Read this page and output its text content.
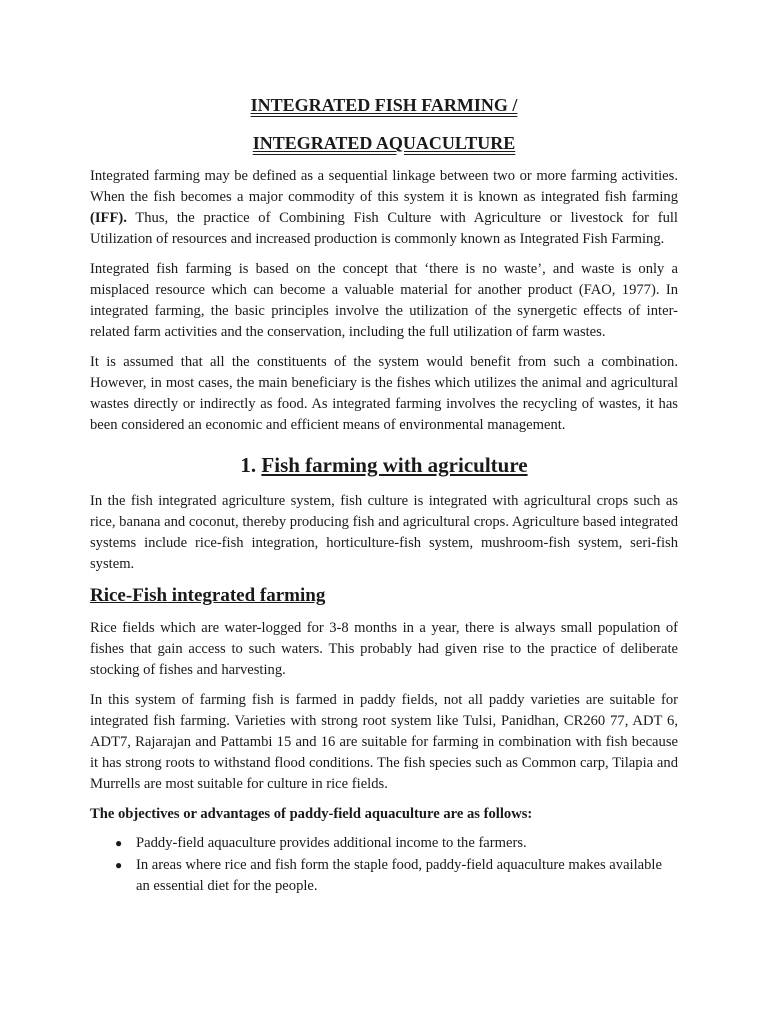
INTEGRATED FISH FARMING /
INTEGRATED AQUACULTURE

Integrated farming may be defined as a sequential linkage between two or more farming activities. When the fish becomes a major commodity of this system it is known as integrated fish farming (IFF). Thus, the practice of Combining Fish Culture with Agriculture or livestock for full Utilization of resources and increased production is commonly known as Integrated Fish Farming.

Integrated fish farming is based on the concept that ‘there is no waste’, and waste is only a misplaced resource which can become a valuable material for another product (FAO, 1977). In integrated farming, the basic principles involve the utilization of the synergetic effects of inter-related farm activities and the conservation, including the full utilization of farm wastes.

It is assumed that all the constituents of the system would benefit from such a combination. However, in most cases, the main beneficiary is the fishes which utilizes the animal and agricultural wastes directly or indirectly as food. As integrated farming involves the recycling of wastes, it has been considered an economic and efficient means of environmental management.

1. Fish farming with agriculture

In the fish integrated agriculture system, fish culture is integrated with agricultural crops such as rice, banana and coconut, thereby producing fish and agricultural crops. Agriculture based integrated systems include rice-fish integration, horticulture-fish system, mushroom-fish system, seri-fish system.

Rice-Fish integrated farming

Rice fields which are water-logged for 3-8 months in a year, there is always small population of fishes that gain access to such waters. This probably had given rise to the practice of deliberate stocking of fishes and harvesting.

In this system of farming fish is farmed in paddy fields, not all paddy varieties are suitable for integrated fish farming. Varieties with strong root system like Tulsi, Panidhan, CR260 77, ADT 6, ADT7, Rajarajan and Pattambi 15 and 16 are suitable for farming in combination with fish because it has strong roots to withstand flood conditions. The fish species such as Common carp, Tilapia and Murrells are most suitable for culture in rice fields.

The objectives or advantages of paddy-field aquaculture are as follows:
● Paddy-field aquaculture provides additional income to the farmers.
● In areas where rice and fish form the staple food, paddy-field aquaculture makes available an essential diet for the people.
